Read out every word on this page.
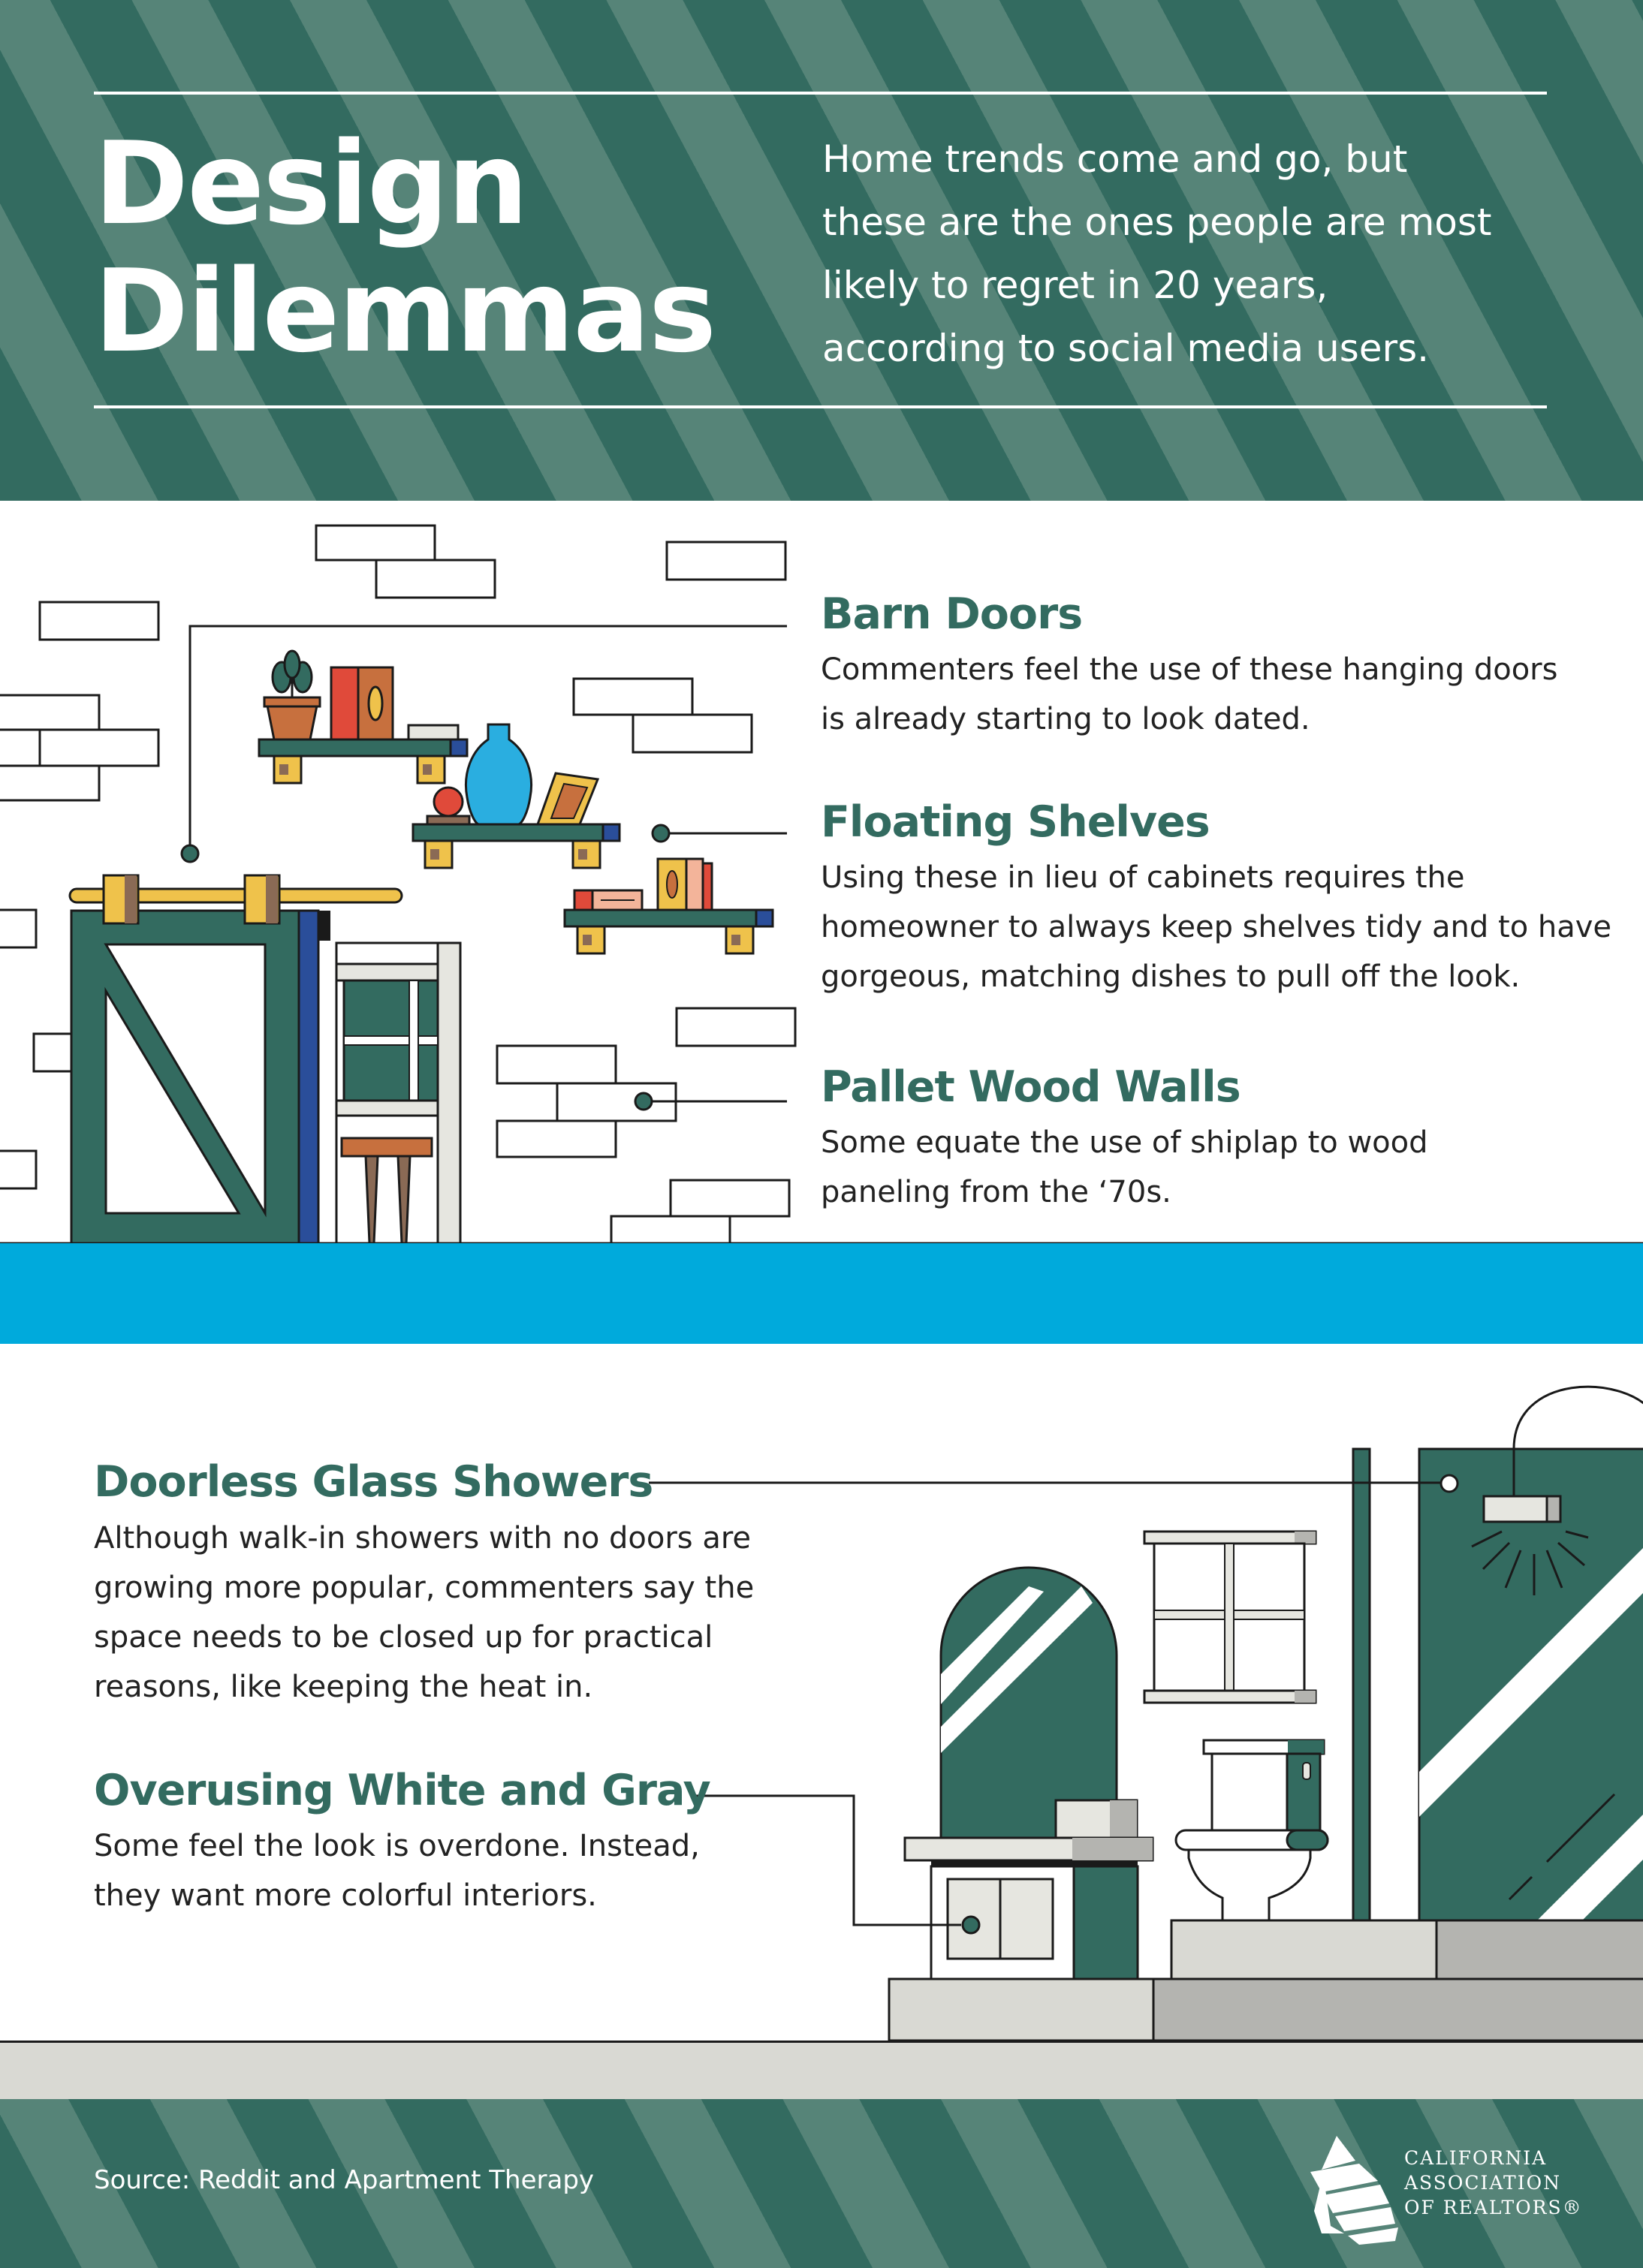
Design
Dilemmas

Home trends come and go, but these are the ones people are most likely to regret in 20 years, according to social media users.

Barn Doors

Commenters feel the use of these hanging doors is already starting to look dated.

Floating Shelves

Using these in lieu of cabinets requires the homeowner to always keep shelves tidy and to have gorgeous, matching dishes to pull off the look.

Pallet Wood Walls

Some equate the use of shiplap to wood paneling from the ‘70s.

Doorless Glass Showers

Although walk-in showers with no doors are growing more popular, commenters say the space needs to be closed up for practical reasons, like keeping the heat in.

Overusing White and Gray

Some feel the look is overdone. Instead, they want more colorful interiors.

Source: Reddit and Apartment Therapy

CALIFORNIA
ASSOCIATION
OF REALTORS®
